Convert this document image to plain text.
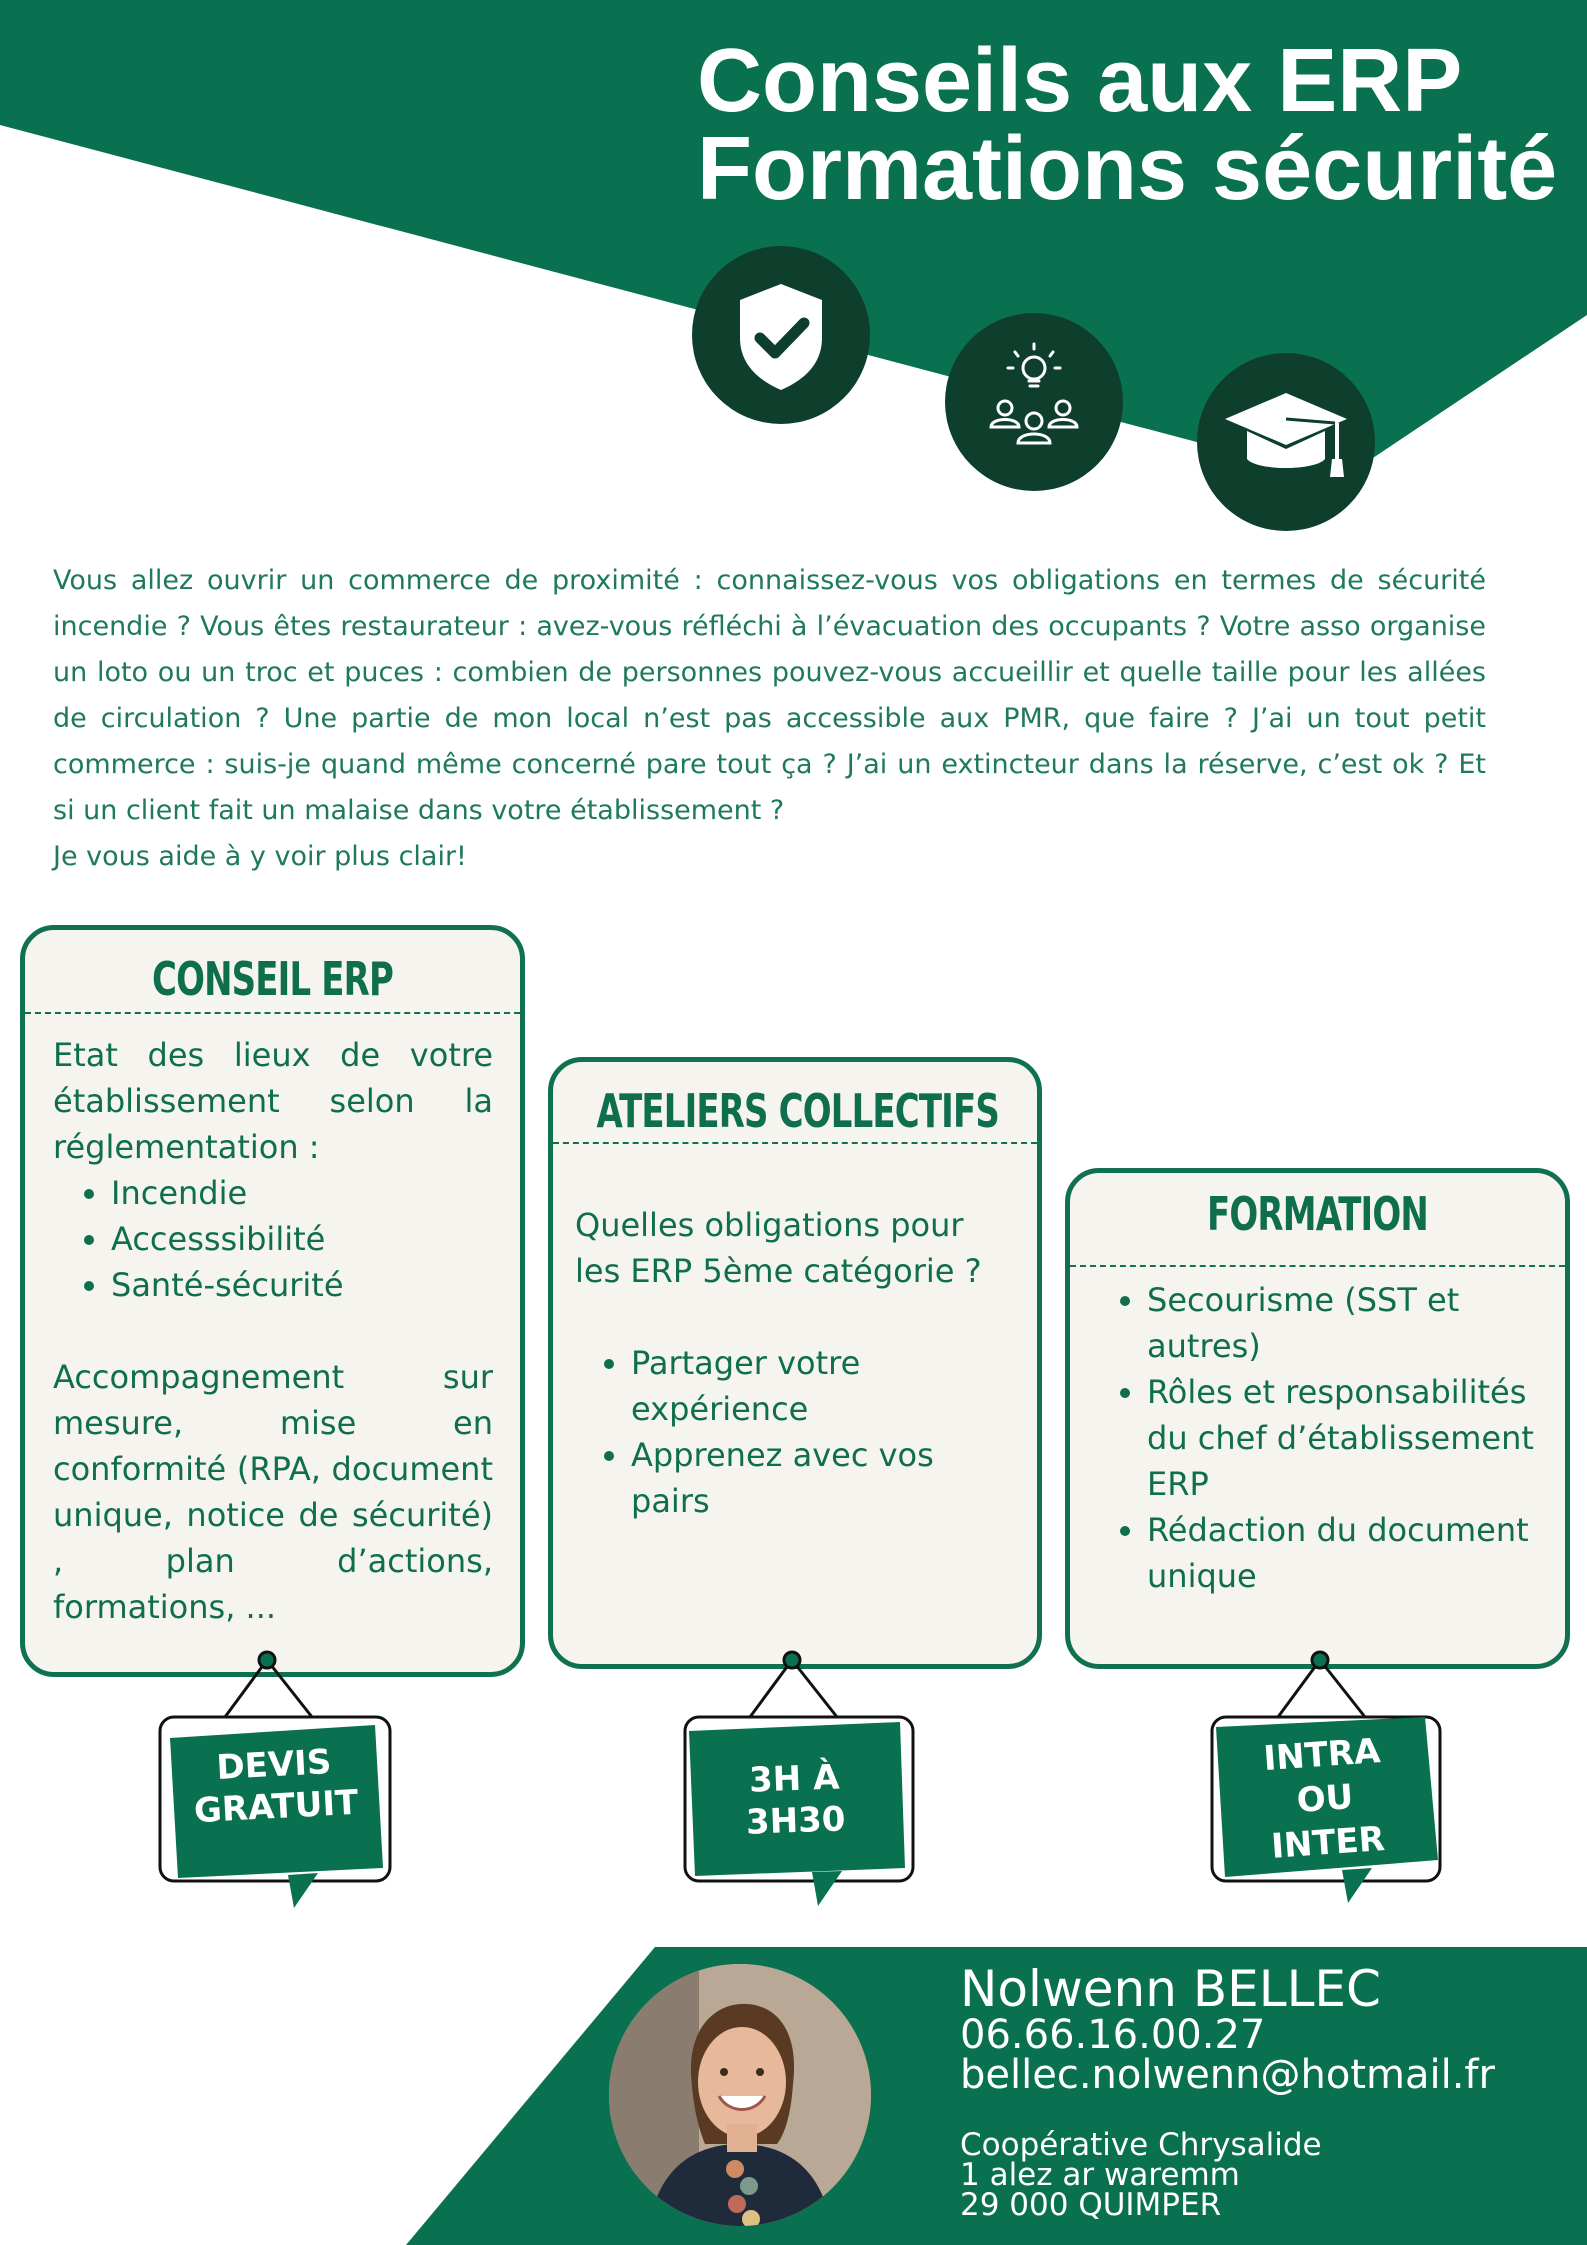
Conseils aux ERP
Formations sécurité

Vous allez ouvrir un commerce de proximité : connaissez-vous vos obligations en termes de sécurité incendie ? Vous êtes restaurateur : avez-vous réfléchi à l’évacuation des occupants ? Votre asso organise un loto ou un troc et puces : combien de personnes pouvez-vous accueillir et quelle taille pour les allées de circulation ? Une partie de mon local n’est pas accessible aux PMR, que faire ? J’ai un tout petit commerce : suis-je quand même concerné pare tout ça ? J’ai un extincteur dans la réserve, c’est ok ? Et si un client fait un malaise dans votre établissement ?

Je vous aide à y voir plus clair!

CONSEIL ERP
Etat des lieux de votre établissement selon la réglementation :
• Incendie
• Accesssibilité
• Santé-sécurité
Accompagnement sur mesure, mise en conformité (RPA, document unique, notice de sécurité) , plan d’actions, formations, ...
ATELIERS COLLECTIFS
Quelles obligations pour les ERP 5ème catégorie ?
• Partager votre expérience
• Apprenez avec vos pairs
FORMATION
• Secourisme (SST et autres)
• Rôles et responsabilités du chef d’établissement ERP
• Rédaction du document unique
DEVIS GRATUIT
3H À 3H30
INTRA
OU
INTER
Nolwenn BELLEC
06.66.16.00.27
bellec.nolwenn@hotmail.fr
Coopérative Chrysalide
1 alez ar waremm
29 000 QUIMPER
